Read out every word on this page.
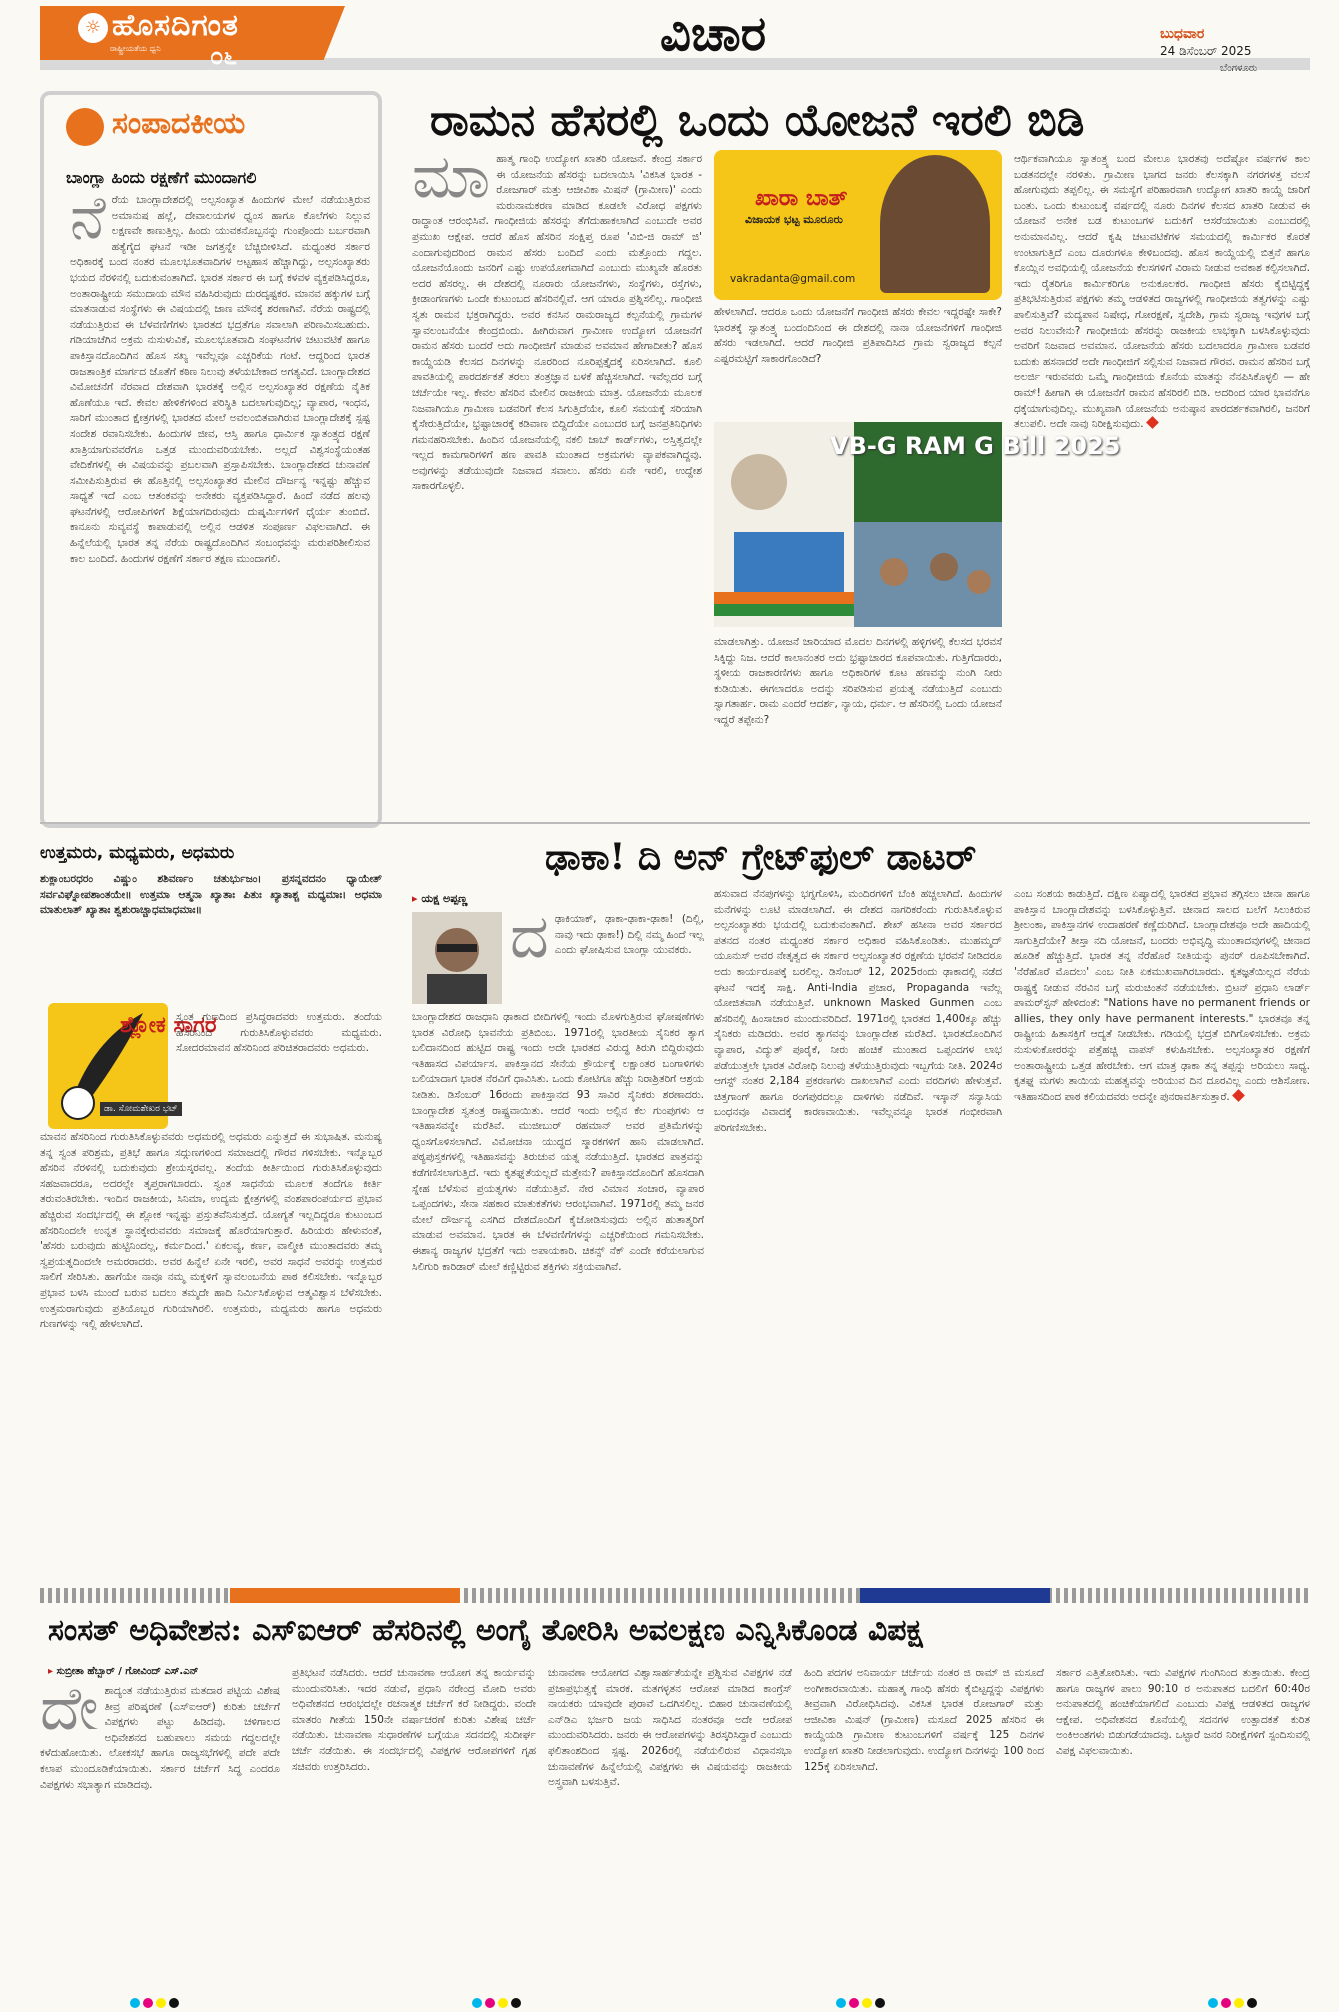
☼ ಹೊಸದಿಗಂತ
ರಾಷ್ಟ್ರೀಯತೆಯ ಧ್ವನಿ ೦೬	ವಿಚಾರ	ಬುಧವಾರ
24 ಡಿಸೆಂಬರ್ 2025
ಬೆಂಗಳೂರು
ಸಂಪಾದಕೀಯ
ಬಾಂಗ್ಲಾ ಹಿಂದು ರಕ್ಷಣೆಗೆ ಮುಂದಾಗಲಿ
ನೆರೆಯ ಬಾಂಗ್ಲಾದೇಶದಲ್ಲಿ ಅಲ್ಪಸಂಖ್ಯಾತ ಹಿಂದುಗಳ ಮೇಲೆ ನಡೆಯುತ್ತಿರುವ ಅಮಾನುಷ ಹಲ್ಲೆ, ದೇವಾಲಯಗಳ ಧ್ವಂಸ ಹಾಗೂ ಕೊಲೆಗಳು ನಿಲ್ಲುವ ಲಕ್ಷಣವೇ ಕಾಣುತ್ತಿಲ್ಲ. ಹಿಂದು ಯುವಕನೊಬ್ಬನನ್ನು ಗುಂಪೊಂದು ಬರ್ಬರವಾಗಿ ಹತ್ಯೆಗೈದ ಘಟನೆ ಇಡೀ ಜಗತ್ತನ್ನೇ ಬೆಚ್ಚಿಬೀಳಿಸಿದೆ. ಮಧ್ಯಂತರ ಸರ್ಕಾರ ಅಧಿಕಾರಕ್ಕೆ ಬಂದ ನಂತರ ಮೂಲಭೂತವಾದಿಗಳ ಅಟ್ಟಹಾಸ ಹೆಚ್ಚಾಗಿದ್ದು, ಅಲ್ಪಸಂಖ್ಯಾತರು ಭಯದ ನೆರಳಿನಲ್ಲಿ ಬದುಕುವಂತಾಗಿದೆ. ಭಾರತ ಸರ್ಕಾರ ಈ ಬಗ್ಗೆ ಕಳವಳ ವ್ಯಕ್ತಪಡಿಸಿದ್ದರೂ, ಅಂತಾರಾಷ್ಟ್ರೀಯ ಸಮುದಾಯ ಮೌನ ವಹಿಸಿರುವುದು ದುರದೃಷ್ಟಕರ. ಮಾನವ ಹಕ್ಕುಗಳ ಬಗ್ಗೆ ಮಾತನಾಡುವ ಸಂಸ್ಥೆಗಳು ಈ ವಿಷಯದಲ್ಲಿ ಜಾಣ ಮೌನಕ್ಕೆ ಶರಣಾಗಿವೆ. ನೆರೆಯ ರಾಷ್ಟ್ರದಲ್ಲಿ ನಡೆಯುತ್ತಿರುವ ಈ ಬೆಳವಣಿಗೆಗಳು ಭಾರತದ ಭದ್ರತೆಗೂ ಸವಾಲಾಗಿ ಪರಿಣಮಿಸಬಹುದು. ಗಡಿಯಾಚೆಗಿನ ಅಕ್ರಮ ನುಸುಳುವಿಕೆ, ಮೂಲಭೂತವಾದಿ ಸಂಘಟನೆಗಳ ಚಟುವಟಿಕೆ ಹಾಗೂ ಪಾಕಿಸ್ತಾನದೊಂದಿಗಿನ ಹೊಸ ಸಖ್ಯ ಇವೆಲ್ಲವೂ ಎಚ್ಚರಿಕೆಯ ಗಂಟೆ. ಆದ್ದರಿಂದ ಭಾರತ ರಾಜತಾಂತ್ರಿಕ ಮಾರ್ಗದ ಜೊತೆಗೆ ಕಠಿಣ ನಿಲುವು ತಳೆಯಬೇಕಾದ ಅಗತ್ಯವಿದೆ. ಬಾಂಗ್ಲಾದೇಶದ ವಿಮೋಚನೆಗೆ ನೆರವಾದ ದೇಶವಾಗಿ ಭಾರತಕ್ಕೆ ಅಲ್ಲಿನ ಅಲ್ಪಸಂಖ್ಯಾತರ ರಕ್ಷಣೆಯ ನೈತಿಕ ಹೊಣೆಯೂ ಇದೆ. ಕೇವಲ ಹೇಳಿಕೆಗಳಿಂದ ಪರಿಸ್ಥಿತಿ ಬದಲಾಗುವುದಿಲ್ಲ; ವ್ಯಾಪಾರ, ಇಂಧನ, ಸಾರಿಗೆ ಮುಂತಾದ ಕ್ಷೇತ್ರಗಳಲ್ಲಿ ಭಾರತದ ಮೇಲೆ ಅವಲಂಬಿತವಾಗಿರುವ ಬಾಂಗ್ಲಾದೇಶಕ್ಕೆ ಸ್ಪಷ್ಟ ಸಂದೇಶ ರವಾನಿಸಬೇಕು. ಹಿಂದುಗಳ ಜೀವ, ಆಸ್ತಿ ಹಾಗೂ ಧಾರ್ಮಿಕ ಸ್ವಾತಂತ್ರ್ಯದ ರಕ್ಷಣೆ ಖಾತ್ರಿಯಾಗುವವರೆಗೂ ಒತ್ತಡ ಮುಂದುವರಿಯಬೇಕು. ಅಲ್ಲದೆ ವಿಶ್ವಸಂಸ್ಥೆಯಂತಹ ವೇದಿಕೆಗಳಲ್ಲಿ ಈ ವಿಷಯವನ್ನು ಪ್ರಬಲವಾಗಿ ಪ್ರಸ್ತಾಪಿಸಬೇಕು. ಬಾಂಗ್ಲಾದೇಶದ ಚುನಾವಣೆ ಸಮೀಪಿಸುತ್ತಿರುವ ಈ ಹೊತ್ತಿನಲ್ಲಿ ಅಲ್ಪಸಂಖ್ಯಾತರ ಮೇಲಿನ ದೌರ್ಜನ್ಯ ಇನ್ನಷ್ಟು ಹೆಚ್ಚುವ ಸಾಧ್ಯತೆ ಇದೆ ಎಂಬ ಆತಂಕವನ್ನು ಅನೇಕರು ವ್ಯಕ್ತಪಡಿಸಿದ್ದಾರೆ. ಹಿಂದೆ ನಡೆದ ಹಲವು ಘಟನೆಗಳಲ್ಲಿ ಆರೋಪಿಗಳಿಗೆ ಶಿಕ್ಷೆಯಾಗದಿರುವುದು ದುಷ್ಕರ್ಮಿಗಳಿಗೆ ಧೈರ್ಯ ತುಂಬಿದೆ. ಕಾನೂನು ಸುವ್ಯವಸ್ಥೆ ಕಾಪಾಡುವಲ್ಲಿ ಅಲ್ಲಿನ ಆಡಳಿತ ಸಂಪೂರ್ಣ ವಿಫಲವಾಗಿದೆ. ಈ ಹಿನ್ನೆಲೆಯಲ್ಲಿ ಭಾರತ ತನ್ನ ನೆರೆಯ ರಾಷ್ಟ್ರದೊಂದಿಗಿನ ಸಂಬಂಧವನ್ನು ಮರುಪರಿಶೀಲಿಸುವ ಕಾಲ ಬಂದಿದೆ. ಹಿಂದುಗಳ ರಕ್ಷಣೆಗೆ ಸರ್ಕಾರ ತಕ್ಷಣ ಮುಂದಾಗಲಿ.
ರಾಮನ ಹೆಸರಲ್ಲಿ ಒಂದು ಯೋಜನೆ ಇರಲಿ ಬಿಡಿ
ಮಾಹಾತ್ಮ ಗಾಂಧಿ ಉದ್ಯೋಗ ಖಾತರಿ ಯೋಜನೆ. ಕೇಂದ್ರ ಸರ್ಕಾರ ಈ ಯೋಜನೆಯ ಹೆಸರನ್ನು ಬದಲಾಯಿಸಿ 'ವಿಕಸಿತ ಭಾರತ - ರೋಜಗಾರ್ ಮತ್ತು ಆಜೀವಿಕಾ ಮಿಷನ್ (ಗ್ರಾಮೀಣ)' ಎಂದು ಮರುನಾಮಕರಣ ಮಾಡಿದ ಕೂಡಲೇ ವಿರೋಧ ಪಕ್ಷಗಳು ರಾದ್ಧಾಂತ ಆರಂಭಿಸಿವೆ. ಗಾಂಧೀಜಿಯ ಹೆಸರನ್ನು ತೆಗೆದುಹಾಕಲಾಗಿದೆ ಎಂಬುದೇ ಅವರ ಪ್ರಮುಖ ಆಕ್ಷೇಪ. ಆದರೆ ಹೊಸ ಹೆಸರಿನ ಸಂಕ್ಷಿಪ್ತ ರೂಪ 'ವಿಬಿ-ಜಿ ರಾಮ್ ಜಿ' ಎಂದಾಗುವುದರಿಂದ ರಾಮನ ಹೆಸರು ಬಂದಿದೆ ಎಂದು ಮತ್ತೊಂದು ಗದ್ದಲ. ಯೋಜನೆಯೊಂದು ಜನರಿಗೆ ಎಷ್ಟು ಉಪಯೋಗವಾಗಿದೆ ಎಂಬುದು ಮುಖ್ಯವೇ ಹೊರತು ಅದರ ಹೆಸರಲ್ಲ. ಈ ದೇಶದಲ್ಲಿ ನೂರಾರು ಯೋಜನೆಗಳು, ಸಂಸ್ಥೆಗಳು, ರಸ್ತೆಗಳು, ಕ್ರೀಡಾಂಗಣಗಳು ಒಂದೇ ಕುಟುಂಬದ ಹೆಸರಿನಲ್ಲಿವೆ. ಆಗ ಯಾರೂ ಪ್ರಶ್ನಿಸಲಿಲ್ಲ. ಗಾಂಧೀಜಿ ಸ್ವತಃ ರಾಮನ ಭಕ್ತರಾಗಿದ್ದರು. ಅವರ ಕನಸಿನ ರಾಮರಾಜ್ಯದ ಕಲ್ಪನೆಯಲ್ಲಿ ಗ್ರಾಮಗಳ ಸ್ವಾವಲಂಬನೆಯೇ ಕೇಂದ್ರಬಿಂದು. ಹೀಗಿರುವಾಗ ಗ್ರಾಮೀಣ ಉದ್ಯೋಗ ಯೋಜನೆಗೆ ರಾಮನ ಹೆಸರು ಬಂದರೆ ಅದು ಗಾಂಧೀಜಿಗೆ ಮಾಡುವ ಅವಮಾನ ಹೇಗಾದೀತು? ಹೊಸ ಕಾಯ್ದೆಯಡಿ ಕೆಲಸದ ದಿನಗಳನ್ನು ನೂರರಿಂದ ನೂರಿಪ್ಪತ್ತೈದಕ್ಕೆ ಏರಿಸಲಾಗಿದೆ. ಕೂಲಿ ಪಾವತಿಯಲ್ಲಿ ಪಾರದರ್ಶಕತೆ ತರಲು ತಂತ್ರಜ್ಞಾನ ಬಳಕೆ ಹೆಚ್ಚಿಸಲಾಗಿದೆ. ಇವೆಲ್ಲದರ ಬಗ್ಗೆ ಚರ್ಚೆಯೇ ಇಲ್ಲ. ಕೇವಲ ಹೆಸರಿನ ಮೇಲಿನ ರಾಜಕೀಯ ಮಾತ್ರ. ಯೋಜನೆಯ ಮೂಲಕ ನಿಜವಾಗಿಯೂ ಗ್ರಾಮೀಣ ಬಡವರಿಗೆ ಕೆಲಸ ಸಿಗುತ್ತಿದೆಯೇ, ಕೂಲಿ ಸಮಯಕ್ಕೆ ಸರಿಯಾಗಿ ಕೈಸೇರುತ್ತಿದೆಯೇ, ಭ್ರಷ್ಟಾಚಾರಕ್ಕೆ ಕಡಿವಾಣ ಬಿದ್ದಿದೆಯೇ ಎಂಬುದರ ಬಗ್ಗೆ ಜನಪ್ರತಿನಿಧಿಗಳು ಗಮನಹರಿಸಬೇಕು. ಹಿಂದಿನ ಯೋಜನೆಯಲ್ಲಿ ನಕಲಿ ಜಾಬ್ ಕಾರ್ಡ್‌ಗಳು, ಅಸ್ತಿತ್ವದಲ್ಲೇ ಇಲ್ಲದ ಕಾಮಗಾರಿಗಳಿಗೆ ಹಣ ಪಾವತಿ ಮುಂತಾದ ಅಕ್ರಮಗಳು ವ್ಯಾಪಕವಾಗಿದ್ದವು. ಅವುಗಳನ್ನು ತಡೆಯುವುದೇ ನಿಜವಾದ ಸವಾಲು. ಹೆಸರು ಏನೇ ಇರಲಿ, ಉದ್ದೇಶ ಸಾಕಾರಗೊಳ್ಳಲಿ.
ಖಾರಾ ಬಾತ್
ವಿಜಾಯಕ ಭಟ್ಟ ಮೂರೂರು
vakradanta@gmail.com
ಹೇಳಲಾಗಿದೆ. ಆದರೂ ಒಂದು ಯೋಜನೆಗೆ ಗಾಂಧೀಜಿ ಹೆಸರು ಕೇವಲ ಇದ್ದರಷ್ಟೇ ಸಾಕೇ? ಭಾರತಕ್ಕೆ ಸ್ವಾತಂತ್ರ್ಯ ಬಂದಂದಿನಿಂದ ಈ ದೇಶದಲ್ಲಿ ನಾನಾ ಯೋಜನೆಗಳಿಗೆ ಗಾಂಧೀಜಿ ಹೆಸರು ಇಡಲಾಗಿದೆ. ಆದರೆ ಗಾಂಧೀಜಿ ಪ್ರತಿಪಾದಿಸಿದ ಗ್ರಾಮ ಸ್ವರಾಜ್ಯದ ಕಲ್ಪನೆ ಎಷ್ಟರಮಟ್ಟಿಗೆ ಸಾಕಾರಗೊಂಡಿದೆ?
VB-G RAM G Bill 2025
ಮಾಡಲಾಗಿತ್ತು. ಯೋಜನೆ ಜಾರಿಯಾದ ಮೊದಲ ದಿನಗಳಲ್ಲಿ ಹಳ್ಳಿಗಳಲ್ಲಿ ಕೆಲಸದ ಭರವಸೆ ಸಿಕ್ಕಿದ್ದು ನಿಜ. ಆದರೆ ಕಾಲಾನಂತರ ಅದು ಭ್ರಷ್ಟಾಚಾರದ ಕೂಪವಾಯಿತು. ಗುತ್ತಿಗೆದಾರರು, ಸ್ಥಳೀಯ ರಾಜಕಾರಣಿಗಳು ಹಾಗೂ ಅಧಿಕಾರಿಗಳ ಕೂಟ ಹಣವನ್ನು ನುಂಗಿ ನೀರು ಕುಡಿಯಿತು. ಈಗಲಾದರೂ ಅದನ್ನು ಸರಿಪಡಿಸುವ ಪ್ರಯತ್ನ ನಡೆಯುತ್ತಿದೆ ಎಂಬುದು ಸ್ವಾಗತಾರ್ಹ. ರಾಮ ಎಂದರೆ ಆದರ್ಶ, ನ್ಯಾಯ, ಧರ್ಮ. ಆ ಹೆಸರಿನಲ್ಲಿ ಒಂದು ಯೋಜನೆ ಇದ್ದರೆ ತಪ್ಪೇನು?
ಆರ್ಥಿಕವಾಗಿಯೂ ಸ್ವಾತಂತ್ರ್ಯ ಬಂದ ಮೇಲೂ ಭಾರತವು ಅದೆಷ್ಟೋ ವರ್ಷಗಳ ಕಾಲ ಬಡತನದಲ್ಲೇ ನರಳಿತು. ಗ್ರಾಮೀಣ ಭಾಗದ ಜನರು ಕೆಲಸಕ್ಕಾಗಿ ನಗರಗಳತ್ತ ವಲಸೆ ಹೋಗುವುದು ತಪ್ಪಲಿಲ್ಲ. ಈ ಸಮಸ್ಯೆಗೆ ಪರಿಹಾರವಾಗಿ ಉದ್ಯೋಗ ಖಾತರಿ ಕಾಯ್ದೆ ಜಾರಿಗೆ ಬಂತು. ಒಂದು ಕುಟುಂಬಕ್ಕೆ ವರ್ಷದಲ್ಲಿ ನೂರು ದಿನಗಳ ಕೆಲಸದ ಖಾತರಿ ನೀಡುವ ಈ ಯೋಜನೆ ಅನೇಕ ಬಡ ಕುಟುಂಬಗಳ ಬದುಕಿಗೆ ಆಸರೆಯಾಯಿತು ಎಂಬುದರಲ್ಲಿ ಅನುಮಾನವಿಲ್ಲ. ಆದರೆ ಕೃಷಿ ಚಟುವಟಿಕೆಗಳ ಸಮಯದಲ್ಲಿ ಕಾರ್ಮಿಕರ ಕೊರತೆ ಉಂಟಾಗುತ್ತಿದೆ ಎಂಬ ದೂರುಗಳೂ ಕೇಳಿಬಂದವು. ಹೊಸ ಕಾಯ್ದೆಯಲ್ಲಿ ಬಿತ್ತನೆ ಹಾಗೂ ಕೊಯ್ಲಿನ ಅವಧಿಯಲ್ಲಿ ಯೋಜನೆಯ ಕೆಲಸಗಳಿಗೆ ವಿರಾಮ ನೀಡುವ ಅವಕಾಶ ಕಲ್ಪಿಸಲಾಗಿದೆ. ಇದು ರೈತರಿಗೂ ಕಾರ್ಮಿಕರಿಗೂ ಅನುಕೂಲಕರ. ಗಾಂಧೀಜಿ ಹೆಸರು ಕೈಬಿಟ್ಟಿದ್ದಕ್ಕೆ ಪ್ರತಿಭಟಿಸುತ್ತಿರುವ ಪಕ್ಷಗಳು ತಮ್ಮ ಆಡಳಿತದ ರಾಜ್ಯಗಳಲ್ಲಿ ಗಾಂಧೀಜಿಯ ತತ್ವಗಳನ್ನು ಎಷ್ಟು ಪಾಲಿಸುತ್ತಿವೆ? ಮದ್ಯಪಾನ ನಿಷೇಧ, ಗೋರಕ್ಷಣೆ, ಸ್ವದೇಶಿ, ಗ್ರಾಮ ಸ್ವರಾಜ್ಯ ಇವುಗಳ ಬಗ್ಗೆ ಅವರ ನಿಲುವೇನು? ಗಾಂಧೀಜಿಯ ಹೆಸರನ್ನು ರಾಜಕೀಯ ಲಾಭಕ್ಕಾಗಿ ಬಳಸಿಕೊಳ್ಳುವುದು ಅವರಿಗೆ ನಿಜವಾದ ಅವಮಾನ. ಯೋಜನೆಯ ಹೆಸರು ಬದಲಾದರೂ ಗ್ರಾಮೀಣ ಬಡವರ ಬದುಕು ಹಸನಾದರೆ ಅದೇ ಗಾಂಧೀಜಿಗೆ ಸಲ್ಲಿಸುವ ನಿಜವಾದ ಗೌರವ. ರಾಮನ ಹೆಸರಿನ ಬಗ್ಗೆ ಅಲರ್ಜಿ ಇರುವವರು ಒಮ್ಮೆ ಗಾಂಧೀಜಿಯ ಕೊನೆಯ ಮಾತನ್ನು ನೆನಪಿಸಿಕೊಳ್ಳಲಿ — ಹೇ ರಾಮ್! ಹೀಗಾಗಿ ಈ ಯೋಜನೆಗೆ ರಾಮನ ಹೆಸರಿರಲಿ ಬಿಡಿ. ಅದರಿಂದ ಯಾರ ಭಾವನೆಗೂ ಧಕ್ಕೆಯಾಗುವುದಿಲ್ಲ. ಮುಖ್ಯವಾಗಿ ಯೋಜನೆಯ ಅನುಷ್ಠಾನ ಪಾರದರ್ಶಕವಾಗಿರಲಿ, ಜನರಿಗೆ ತಲುಪಲಿ. ಅದೇ ನಾವು ನಿರೀಕ್ಷಿಸುವುದು.
ಉತ್ತಮರು, ಮಧ್ಯಮರು, ಅಧಮರು
ಶುಕ್ಲಾಂಬರಧರಂ ವಿಷ್ಣುಂ ಶಶಿವರ್ಣಂ ಚತುರ್ಭುಜಂ। ಪ್ರಸನ್ನವದನಂ ಧ್ಯಾಯೇತ್ ಸರ್ವವಿಘ್ನೋಪಶಾಂತಯೇ॥ ಉತ್ತಮಾ ಆತ್ಮನಾ ಖ್ಯಾತಾಃ ಪಿತುಃ ಖ್ಯಾತಾಶ್ಚ ಮಧ್ಯಮಾಃ। ಅಧಮಾ ಮಾತುಲಾತ್ ಖ್ಯಾತಾಃ ಶ್ವಶುರಾಚ್ಚಾಧಮಾಧಮಾಃ॥
ಶ್ಲೋಕ ಸಾಗರ
ಡಾ. ಸೋಮಶೇಖರ ಭಟ್
ಸ್ವಂತ ಗುಣದಿಂದ ಪ್ರಸಿದ್ಧರಾದವರು ಉತ್ತಮರು. ತಂದೆಯ ಹೆಸರಿನಿಂದ ಗುರುತಿಸಿಕೊಳ್ಳುವವರು ಮಧ್ಯಮರು. ಸೋದರಮಾವನ ಹೆಸರಿನಿಂದ ಪರಿಚಿತರಾದವರು ಅಧಮರು.
ಮಾವನ ಹೆಸರಿನಿಂದ ಗುರುತಿಸಿಕೊಳ್ಳುವವರು ಅಧಮರಲ್ಲಿ ಅಧಮರು ಎನ್ನುತ್ತದೆ ಈ ಸುಭಾಷಿತ. ಮನುಷ್ಯ ತನ್ನ ಸ್ವಂತ ಪರಿಶ್ರಮ, ಪ್ರತಿಭೆ ಹಾಗೂ ಸದ್ಗುಣಗಳಿಂದ ಸಮಾಜದಲ್ಲಿ ಗೌರವ ಗಳಿಸಬೇಕು. ಇನ್ನೊಬ್ಬರ ಹೆಸರಿನ ನೆರಳಿನಲ್ಲಿ ಬದುಕುವುದು ಶ್ರೇಯಸ್ಕರವಲ್ಲ. ತಂದೆಯ ಕೀರ್ತಿಯಿಂದ ಗುರುತಿಸಿಕೊಳ್ಳುವುದು ಸಹಜವಾದರೂ, ಅದರಲ್ಲೇ ತೃಪ್ತರಾಗಬಾರದು. ಸ್ವಂತ ಸಾಧನೆಯ ಮೂಲಕ ತಂದೆಗೂ ಕೀರ್ತಿ ತರುವಂತಿರಬೇಕು. ಇಂದಿನ ರಾಜಕೀಯ, ಸಿನಿಮಾ, ಉದ್ಯಮ ಕ್ಷೇತ್ರಗಳಲ್ಲಿ ವಂಶಪಾರಂಪರ್ಯದ ಪ್ರಭಾವ ಹೆಚ್ಚಿರುವ ಸಂದರ್ಭದಲ್ಲಿ ಈ ಶ್ಲೋಕ ಇನ್ನಷ್ಟು ಪ್ರಸ್ತುತವೆನಿಸುತ್ತದೆ. ಯೋಗ್ಯತೆ ಇಲ್ಲದಿದ್ದರೂ ಕುಟುಂಬದ ಹೆಸರಿನಿಂದಲೇ ಉನ್ನತ ಸ್ಥಾನಕ್ಕೇರುವವರು ಸಮಾಜಕ್ಕೆ ಹೊರೆಯಾಗುತ್ತಾರೆ. ಹಿರಿಯರು ಹೇಳುವಂತೆ, 'ಹೆಸರು ಬರುವುದು ಹುಟ್ಟಿನಿಂದಲ್ಲ, ಕರ್ಮದಿಂದ.' ಏಕಲವ್ಯ, ಕರ್ಣ, ವಾಲ್ಮೀಕಿ ಮುಂತಾದವರು ತಮ್ಮ ಸ್ವಪ್ರಯತ್ನದಿಂದಲೇ ಅಮರರಾದರು. ಅವರ ಹಿನ್ನೆಲೆ ಏನೇ ಇರಲಿ, ಅವರ ಸಾಧನೆ ಅವರನ್ನು ಉತ್ತಮರ ಸಾಲಿಗೆ ಸೇರಿಸಿತು. ಹಾಗೆಯೇ ನಾವೂ ನಮ್ಮ ಮಕ್ಕಳಿಗೆ ಸ್ವಾವಲಂಬನೆಯ ಪಾಠ ಕಲಿಸಬೇಕು. ಇನ್ನೊಬ್ಬರ ಪ್ರಭಾವ ಬಳಸಿ ಮುಂದೆ ಬರುವ ಬದಲು ತಮ್ಮದೇ ಹಾದಿ ನಿರ್ಮಿಸಿಕೊಳ್ಳುವ ಆತ್ಮವಿಶ್ವಾಸ ಬೆಳೆಸಬೇಕು. ಉತ್ತಮರಾಗುವುದು ಪ್ರತಿಯೊಬ್ಬರ ಗುರಿಯಾಗಿರಲಿ. ಉತ್ತಮರು, ಮಧ್ಯಮರು ಹಾಗೂ ಅಧಮರು ಗುಣಗಳನ್ನು ಇಲ್ಲಿ ಹೇಳಲಾಗಿದೆ.
ಢಾಕಾ! ದಿ ಅನ್ ಗ್ರೇಟ್‌ಫುಲ್ ಡಾಟರ್
▸ ಯಕ್ಷ ಅಪ್ಪಣ್ಣ
ದಢಾಕಿಯಾಕ್, ಢಾಕಾ-ಢಾಕಾ-ಢಾಕಾ! (ದಿಲ್ಲಿ, ನಾವು ಇದು ಢಾಕಾ!) ದಿಲ್ಲಿ ನಮ್ಮ ಹಿಂದೆ ಇಲ್ಲ ಎಂದು ಘೋಷಿಸುವ ಬಾಂಗ್ಲಾ ಯುವಕರು.
ಬಾಂಗ್ಲಾದೇಶದ ರಾಜಧಾನಿ ಢಾಕಾದ ಬೀದಿಗಳಲ್ಲಿ ಇಂದು ಮೊಳಗುತ್ತಿರುವ ಘೋಷಣೆಗಳು ಭಾರತ ವಿರೋಧಿ ಭಾವನೆಯ ಪ್ರತಿಬಿಂಬ. 1971ರಲ್ಲಿ ಭಾರತೀಯ ಸೈನಿಕರ ತ್ಯಾಗ ಬಲಿದಾನದಿಂದ ಹುಟ್ಟಿದ ರಾಷ್ಟ್ರ ಇಂದು ಅದೇ ಭಾರತದ ವಿರುದ್ಧ ತಿರುಗಿ ಬಿದ್ದಿರುವುದು ಇತಿಹಾಸದ ವಿಪರ್ಯಾಸ. ಪಾಕಿಸ್ತಾನದ ಸೇನೆಯ ಕ್ರೌರ್ಯಕ್ಕೆ ಲಕ್ಷಾಂತರ ಬಂಗಾಳಿಗಳು ಬಲಿಯಾದಾಗ ಭಾರತ ನೆರವಿಗೆ ಧಾವಿಸಿತು. ಒಂದು ಕೋಟಿಗೂ ಹೆಚ್ಚು ನಿರಾಶ್ರಿತರಿಗೆ ಆಶ್ರಯ ನೀಡಿತು. ಡಿಸೆಂಬರ್ 16ರಂದು ಪಾಕಿಸ್ತಾನದ 93 ಸಾವಿರ ಸೈನಿಕರು ಶರಣಾದರು. ಬಾಂಗ್ಲಾದೇಶ ಸ್ವತಂತ್ರ ರಾಷ್ಟ್ರವಾಯಿತು. ಆದರೆ ಇಂದು ಅಲ್ಲಿನ ಕೆಲ ಗುಂಪುಗಳು ಆ ಇತಿಹಾಸವನ್ನೇ ಮರೆತಿವೆ. ಮುಜೀಬುರ್ ರಹಮಾನ್ ಅವರ ಪ್ರತಿಮೆಗಳನ್ನು ಧ್ವಂಸಗೊಳಿಸಲಾಗಿದೆ. ವಿಮೋಚನಾ ಯುದ್ಧದ ಸ್ಮಾರಕಗಳಿಗೆ ಹಾನಿ ಮಾಡಲಾಗಿದೆ. ಪಠ್ಯಪುಸ್ತಕಗಳಲ್ಲಿ ಇತಿಹಾಸವನ್ನು ತಿರುಚುವ ಯತ್ನ ನಡೆಯುತ್ತಿದೆ. ಭಾರತದ ಪಾತ್ರವನ್ನು ಕಡೆಗಣಿಸಲಾಗುತ್ತಿದೆ. ಇದು ಕೃತಘ್ನತೆಯಲ್ಲದೆ ಮತ್ತೇನು? ಪಾಕಿಸ್ತಾನದೊಂದಿಗೆ ಹೊಸದಾಗಿ ಸ್ನೇಹ ಬೆಳೆಸುವ ಪ್ರಯತ್ನಗಳು ನಡೆಯುತ್ತಿವೆ. ನೇರ ವಿಮಾನ ಸಂಚಾರ, ವ್ಯಾಪಾರ ಒಪ್ಪಂದಗಳು, ಸೇನಾ ಸಹಕಾರ ಮಾತುಕತೆಗಳು ಆರಂಭವಾಗಿವೆ. 1971ರಲ್ಲಿ ತಮ್ಮ ಜನರ ಮೇಲೆ ದೌರ್ಜನ್ಯ ಎಸಗಿದ ದೇಶದೊಂದಿಗೆ ಕೈಜೋಡಿಸುವುದು ಅಲ್ಲಿನ ಹುತಾತ್ಮರಿಗೆ ಮಾಡುವ ಅವಮಾನ. ಭಾರತ ಈ ಬೆಳವಣಿಗೆಗಳನ್ನು ಎಚ್ಚರಿಕೆಯಿಂದ ಗಮನಿಸಬೇಕು. ಈಶಾನ್ಯ ರಾಜ್ಯಗಳ ಭದ್ರತೆಗೆ ಇದು ಅಪಾಯಕಾರಿ. ಚಿಕನ್ಸ್ ನೆಕ್ ಎಂದೇ ಕರೆಯಲಾಗುವ ಸಿಲಿಗುರಿ ಕಾರಿಡಾರ್ ಮೇಲೆ ಕಣ್ಣಿಟ್ಟಿರುವ ಶಕ್ತಿಗಳು ಸಕ್ರಿಯವಾಗಿವೆ.
ಹಸುವಾದ ನೆನಪುಗಳನ್ನು ಭಗ್ನಗೊಳಿಸಿ, ಮಂದಿರಗಳಿಗೆ ಬೆಂಕಿ ಹಚ್ಚಲಾಗಿದೆ. ಹಿಂದುಗಳ ಮನೆಗಳನ್ನು ಲೂಟಿ ಮಾಡಲಾಗಿದೆ. ಈ ದೇಶದ ನಾಗರಿಕರೆಂದು ಗುರುತಿಸಿಕೊಳ್ಳುವ ಅಲ್ಪಸಂಖ್ಯಾತರು ಭಯದಲ್ಲಿ ಬದುಕುವಂತಾಗಿದೆ. ಶೇಖ್ ಹಸೀನಾ ಅವರ ಸರ್ಕಾರದ ಪತನದ ನಂತರ ಮಧ್ಯಂತರ ಸರ್ಕಾರ ಅಧಿಕಾರ ವಹಿಸಿಕೊಂಡಿತು. ಮುಹಮ್ಮದ್ ಯೂನುಸ್ ಅವರ ನೇತೃತ್ವದ ಈ ಸರ್ಕಾರ ಅಲ್ಪಸಂಖ್ಯಾತರ ರಕ್ಷಣೆಯ ಭರವಸೆ ನೀಡಿದರೂ ಅದು ಕಾರ್ಯರೂಪಕ್ಕೆ ಬರಲಿಲ್ಲ. ಡಿಸೆಂಬರ್ 12, 2025ರಂದು ಢಾಕಾದಲ್ಲಿ ನಡೆದ ಘಟನೆ ಇದಕ್ಕೆ ಸಾಕ್ಷಿ. Anti-India ಪ್ರಚಾರ, Propaganda ಇವೆಲ್ಲ ಯೋಜಿತವಾಗಿ ನಡೆಯುತ್ತಿವೆ. unknown Masked Gunmen ಎಂಬ ಹೆಸರಿನಲ್ಲಿ ಹಿಂಸಾಚಾರ ಮುಂದುವರಿದಿದೆ. 1971ರಲ್ಲಿ ಭಾರತದ 1,400ಕ್ಕೂ ಹೆಚ್ಚು ಸೈನಿಕರು ಮಡಿದರು. ಅವರ ತ್ಯಾಗವನ್ನು ಬಾಂಗ್ಲಾದೇಶ ಮರೆತಿದೆ. ಭಾರತದೊಂದಿಗಿನ ವ್ಯಾಪಾರ, ವಿದ್ಯುತ್ ಪೂರೈಕೆ, ನೀರು ಹಂಚಿಕೆ ಮುಂತಾದ ಒಪ್ಪಂದಗಳ ಲಾಭ ಪಡೆಯುತ್ತಲೇ ಭಾರತ ವಿರೋಧಿ ನಿಲುವು ತಳೆಯುತ್ತಿರುವುದು ಇಬ್ಬಗೆಯ ನೀತಿ. 2024ರ ಆಗಸ್ಟ್ ನಂತರ 2,184 ಪ್ರಕರಣಗಳು ದಾಖಲಾಗಿವೆ ಎಂದು ವರದಿಗಳು ಹೇಳುತ್ತವೆ. ಚಿತ್ತಗಾಂಗ್ ಹಾಗೂ ರಂಗಪುರದಲ್ಲೂ ದಾಳಿಗಳು ನಡೆದಿವೆ. ಇಸ್ಕಾನ್ ಸನ್ಯಾಸಿಯ ಬಂಧನವೂ ವಿವಾದಕ್ಕೆ ಕಾರಣವಾಯಿತು. ಇವೆಲ್ಲವನ್ನೂ ಭಾರತ ಗಂಭೀರವಾಗಿ ಪರಿಗಣಿಸಬೇಕು.
ಎಂಬ ಸಂಶಯ ಕಾಡುತ್ತಿದೆ. ದಕ್ಷಿಣ ಏಷ್ಯಾದಲ್ಲಿ ಭಾರತದ ಪ್ರಭಾವ ತಗ್ಗಿಸಲು ಚೀನಾ ಹಾಗೂ ಪಾಕಿಸ್ತಾನ ಬಾಂಗ್ಲಾದೇಶವನ್ನು ಬಳಸಿಕೊಳ್ಳುತ್ತಿವೆ. ಚೀನಾದ ಸಾಲದ ಬಲೆಗೆ ಸಿಲುಕಿರುವ ಶ್ರೀಲಂಕಾ, ಪಾಕಿಸ್ತಾನಗಳ ಉದಾಹರಣೆ ಕಣ್ಣೆದುರಿಗಿದೆ. ಬಾಂಗ್ಲಾದೇಶವೂ ಅದೇ ಹಾದಿಯಲ್ಲಿ ಸಾಗುತ್ತಿದೆಯೇ? ತೀಸ್ತಾ ನದಿ ಯೋಜನೆ, ಬಂದರು ಅಭಿವೃದ್ಧಿ ಮುಂತಾದವುಗಳಲ್ಲಿ ಚೀನಾದ ಹೂಡಿಕೆ ಹೆಚ್ಚುತ್ತಿದೆ. ಭಾರತ ತನ್ನ ನೆರೆಹೊರೆ ನೀತಿಯನ್ನು ಪುನರ್ ರೂಪಿಸಬೇಕಾಗಿದೆ. 'ನೆರೆಹೊರೆ ಮೊದಲು' ಎಂಬ ನೀತಿ ಏಕಮುಖವಾಗಿರಬಾರದು. ಕೃತಜ್ಞತೆಯಿಲ್ಲದ ನೆರೆಯ ರಾಷ್ಟ್ರಕ್ಕೆ ನೀಡುವ ನೆರವಿನ ಬಗ್ಗೆ ಮರುಚಿಂತನೆ ನಡೆಯಬೇಕು. ಬ್ರಿಟನ್ ಪ್ರಧಾನಿ ಲಾರ್ಡ್ ಪಾಮರ್‌ಸ್ಟನ್ ಹೇಳಿದಂತೆ: "Nations have no permanent friends or allies, they only have permanent interests." ಭಾರತವೂ ತನ್ನ ರಾಷ್ಟ್ರೀಯ ಹಿತಾಸಕ್ತಿಗೆ ಆದ್ಯತೆ ನೀಡಬೇಕು. ಗಡಿಯಲ್ಲಿ ಭದ್ರತೆ ಬಿಗಿಗೊಳಿಸಬೇಕು. ಅಕ್ರಮ ನುಸುಳುಕೋರರನ್ನು ಪತ್ತೆಹಚ್ಚಿ ವಾಪಸ್ ಕಳುಹಿಸಬೇಕು. ಅಲ್ಪಸಂಖ್ಯಾತರ ರಕ್ಷಣೆಗೆ ಅಂತಾರಾಷ್ಟ್ರೀಯ ಒತ್ತಡ ಹೇರಬೇಕು. ಆಗ ಮಾತ್ರ ಢಾಕಾ ತನ್ನ ತಪ್ಪನ್ನು ಅರಿಯಲು ಸಾಧ್ಯ. ಕೃತಘ್ನ ಮಗಳು ತಾಯಿಯ ಮಹತ್ವವನ್ನು ಅರಿಯುವ ದಿನ ದೂರವಿಲ್ಲ ಎಂದು ಆಶಿಸೋಣ. ಇತಿಹಾಸದಿಂದ ಪಾಠ ಕಲಿಯದವರು ಅದನ್ನೇ ಪುನರಾವರ್ತಿಸುತ್ತಾರೆ.
ಸಂಸತ್ ಅಧಿವೇಶನ: ಎಸ್‌ಐಆರ್ ಹೆಸರಿನಲ್ಲಿ ಅಂಗೈ ತೋರಿಸಿ ಅವಲಕ್ಷಣ ಎನ್ನಿಸಿಕೊಂಡ ವಿಪಕ್ಷ
▸ ಸುಬ್ರೀತಾ ಹೆಬ್ಬಾರ್ / ಗೋವಿಂದ್ ಎಸ್.ಎನ್
ದೇಶಾದ್ಯಂತ ನಡೆಯುತ್ತಿರುವ ಮತದಾರ ಪಟ್ಟಿಯ ವಿಶೇಷ ತೀವ್ರ ಪರಿಷ್ಕರಣೆ (ಎಸ್‌ಐಆರ್) ಕುರಿತು ಚರ್ಚೆಗೆ ವಿಪಕ್ಷಗಳು ಪಟ್ಟು ಹಿಡಿದವು. ಚಳಿಗಾಲದ ಅಧಿವೇಶನದ ಬಹುಪಾಲು ಸಮಯ ಗದ್ದಲದಲ್ಲೇ ಕಳೆದುಹೋಯಿತು. ಲೋಕಸಭೆ ಹಾಗೂ ರಾಜ್ಯಸಭೆಗಳಲ್ಲಿ ಪದೇ ಪದೇ ಕಲಾಪ ಮುಂದೂಡಿಕೆಯಾಯಿತು. ಸರ್ಕಾರ ಚರ್ಚೆಗೆ ಸಿದ್ಧ ಎಂದರೂ ವಿಪಕ್ಷಗಳು ಸಭಾತ್ಯಾಗ ಮಾಡಿದವು.
ಪ್ರತಿಭಟನೆ ನಡೆಸಿದರು. ಆದರೆ ಚುನಾವಣಾ ಆಯೋಗ ತನ್ನ ಕಾರ್ಯವನ್ನು ಮುಂದುವರಿಸಿತು. ಇದರ ನಡುವೆ, ಪ್ರಧಾನಿ ನರೇಂದ್ರ ಮೋದಿ ಅವರು ಅಧಿವೇಶನದ ಆರಂಭದಲ್ಲೇ ರಚನಾತ್ಮಕ ಚರ್ಚೆಗೆ ಕರೆ ನೀಡಿದ್ದರು. ವಂದೇ ಮಾತರಂ ಗೀತೆಯ 150ನೇ ವರ್ಷಾಚರಣೆ ಕುರಿತು ವಿಶೇಷ ಚರ್ಚೆ ನಡೆಯಿತು. ಚುನಾವಣಾ ಸುಧಾರಣೆಗಳ ಬಗ್ಗೆಯೂ ಸದನದಲ್ಲಿ ಸುದೀರ್ಘ ಚರ್ಚೆ ನಡೆಯಿತು. ಈ ಸಂದರ್ಭದಲ್ಲಿ ವಿಪಕ್ಷಗಳ ಆರೋಪಗಳಿಗೆ ಗೃಹ ಸಚಿವರು ಉತ್ತರಿಸಿದರು.
ಚುನಾವಣಾ ಆಯೋಗದ ವಿಶ್ವಾಸಾರ್ಹತೆಯನ್ನೇ ಪ್ರಶ್ನಿಸುವ ವಿಪಕ್ಷಗಳ ನಡೆ ಪ್ರಜಾಪ್ರಭುತ್ವಕ್ಕೆ ಮಾರಕ. ಮತಗಳ್ಳತನ ಆರೋಪ ಮಾಡಿದ ಕಾಂಗ್ರೆಸ್ ನಾಯಕರು ಯಾವುದೇ ಪುರಾವೆ ಒದಗಿಸಲಿಲ್ಲ. ಬಿಹಾರ ಚುನಾವಣೆಯಲ್ಲಿ ಎನ್‌ಡಿಎ ಭರ್ಜರಿ ಜಯ ಸಾಧಿಸಿದ ನಂತರವೂ ಅದೇ ಆರೋಪ ಮುಂದುವರಿಸಿದರು. ಜನರು ಈ ಆರೋಪಗಳನ್ನು ತಿರಸ್ಕರಿಸಿದ್ದಾರೆ ಎಂಬುದು ಫಲಿತಾಂಶದಿಂದ ಸ್ಪಷ್ಟ. 2026ರಲ್ಲಿ ನಡೆಯಲಿರುವ ವಿಧಾನಸಭಾ ಚುನಾವಣೆಗಳ ಹಿನ್ನೆಲೆಯಲ್ಲಿ ವಿಪಕ್ಷಗಳು ಈ ವಿಷಯವನ್ನು ರಾಜಕೀಯ ಅಸ್ತ್ರವಾಗಿ ಬಳಸುತ್ತಿವೆ.
ಹಿಂದಿ ಪದಗಳ ಅನಿವಾರ್ಯ ಚರ್ಚೆಯ ನಂತರ ಜಿ ರಾಮ್ ಜಿ ಮಸೂದೆ ಅಂಗೀಕಾರವಾಯಿತು. ಮಹಾತ್ಮ ಗಾಂಧಿ ಹೆಸರು ಕೈಬಿಟ್ಟದ್ದನ್ನು ವಿಪಕ್ಷಗಳು ತೀವ್ರವಾಗಿ ವಿರೋಧಿಸಿದವು. ವಿಕಸಿತ ಭಾರತ ರೋಜಗಾರ್ ಮತ್ತು ಆಜೀವಿಕಾ ಮಿಷನ್ (ಗ್ರಾಮೀಣ) ಮಸೂದೆ 2025 ಹೆಸರಿನ ಈ ಕಾಯ್ದೆಯಡಿ ಗ್ರಾಮೀಣ ಕುಟುಂಬಗಳಿಗೆ ವರ್ಷಕ್ಕೆ 125 ದಿನಗಳ ಉದ್ಯೋಗ ಖಾತರಿ ನೀಡಲಾಗುವುದು. ಉದ್ಯೋಗ ದಿನಗಳನ್ನು 100 ರಿಂದ 125ಕ್ಕೆ ಏರಿಸಲಾಗಿದೆ.
ಸರ್ಕಾರ ಎತ್ತಿತೋರಿಸಿತು. ಇದು ವಿಪಕ್ಷಗಳ ಗುಂಗಿನಿಂದ ತುತ್ತಾಯಿತು. ಕೇಂದ್ರ ಹಾಗೂ ರಾಜ್ಯಗಳ ಪಾಲು 90:10 ರ ಅನುಪಾತದ ಬದಲಿಗೆ 60:40ರ ಅನುಪಾತದಲ್ಲಿ ಹಂಚಿಕೆಯಾಗಲಿದೆ ಎಂಬುದು ವಿಪಕ್ಷ ಆಡಳಿತದ ರಾಜ್ಯಗಳ ಆಕ್ಷೇಪ. ಅಧಿವೇಶನದ ಕೊನೆಯಲ್ಲಿ ಸದನಗಳ ಉತ್ಪಾದಕತೆ ಕುರಿತ ಅಂಕಿಅಂಶಗಳು ಬಿಡುಗಡೆಯಾದವು. ಒಟ್ಟಾರೆ ಜನರ ನಿರೀಕ್ಷೆಗಳಿಗೆ ಸ್ಪಂದಿಸುವಲ್ಲಿ ವಿಪಕ್ಷ ವಿಫಲವಾಯಿತು.
